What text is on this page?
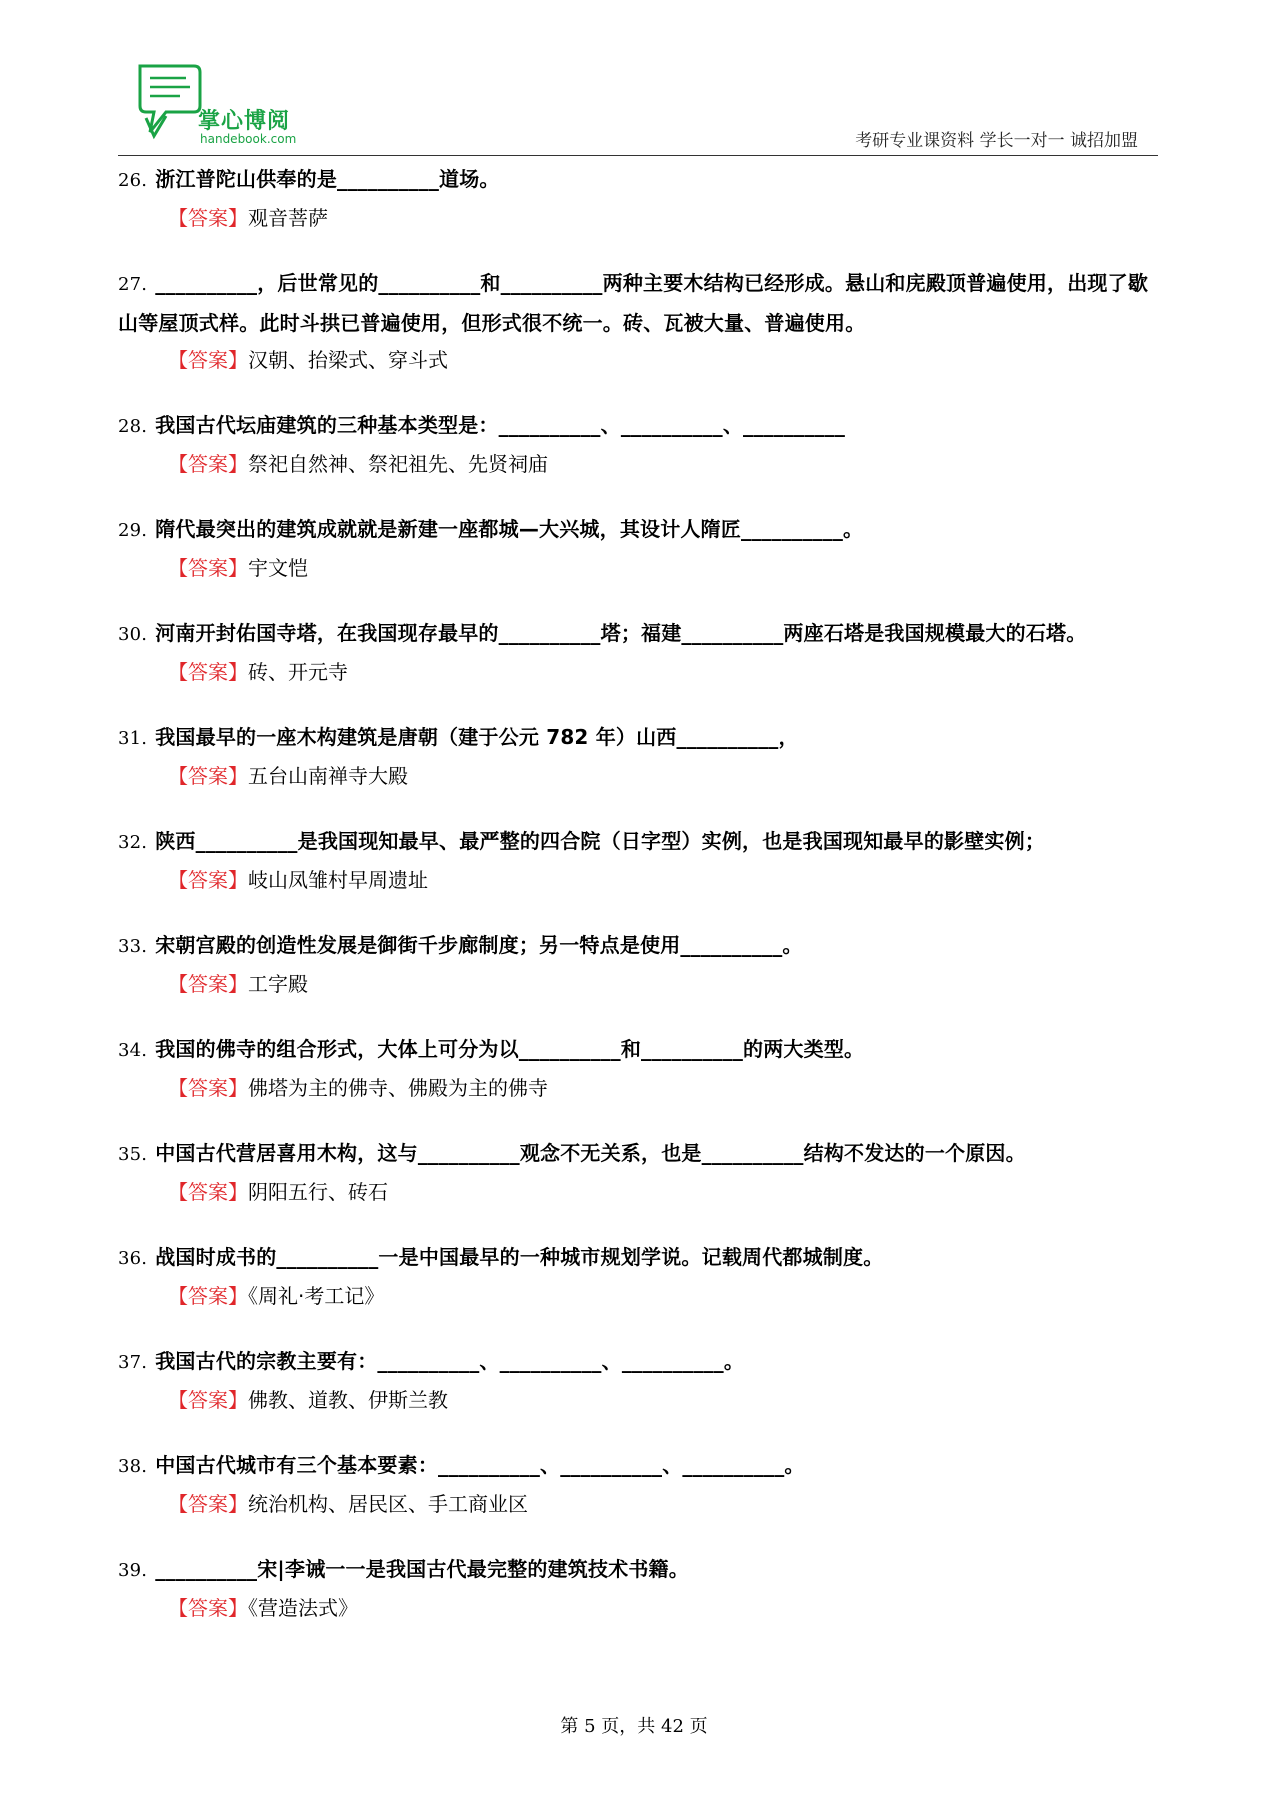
掌心博阅
handebook.com	考研专业课资料 学长一对一 诚招加盟
26. 浙江普陀山供奉的是__________道场。
【答案】观音菩萨
27. __________，后世常见的__________和__________两种主要木结构已经形成。悬山和庑殿顶普遍使用，出现了歇山等屋顶式样。此时斗拱已普遍使用，但形式很不统一。砖、瓦被大量、普遍使用。
【答案】汉朝、抬梁式、穿斗式
28. 我国古代坛庙建筑的三种基本类型是：__________、__________、__________
【答案】祭祀自然神、祭祀祖先、先贤祠庙
29. 隋代最突出的建筑成就就是新建一座都城—大兴城，其设计人隋匠__________。
【答案】宇文恺
30. 河南开封佑国寺塔，在我国现存最早的__________塔；福建__________两座石塔是我国规模最大的石塔。
【答案】砖、开元寺
31. 我国最早的一座木构建筑是唐朝（建于公元 782 年）山西__________，
【答案】五台山南禅寺大殿
32. 陕西__________是我国现知最早、最严整的四合院（日字型）实例，也是我国现知最早的影壁实例；
【答案】岐山凤雏村早周遗址
33. 宋朝宫殿的创造性发展是御街千步廊制度；另一特点是使用__________。
【答案】工字殿
34. 我国的佛寺的组合形式，大体上可分为以__________和__________的两大类型。
【答案】佛塔为主的佛寺、佛殿为主的佛寺
35. 中国古代营居喜用木构，这与__________观念不无关系，也是__________结构不发达的一个原因。
【答案】阴阳五行、砖石
36. 战国时成书的__________一是中国最早的一种城市规划学说。记载周代都城制度。
【答案】《周礼·考工记》
37. 我国古代的宗教主要有：__________、__________、__________。
【答案】佛教、道教、伊斯兰教
38. 中国古代城市有三个基本要素：__________、__________、__________。
【答案】统治机构、居民区、手工商业区
39. __________宋|李诫一一是我国古代最完整的建筑技术书籍。
【答案】《营造法式》
第 5 页，共 42 页
